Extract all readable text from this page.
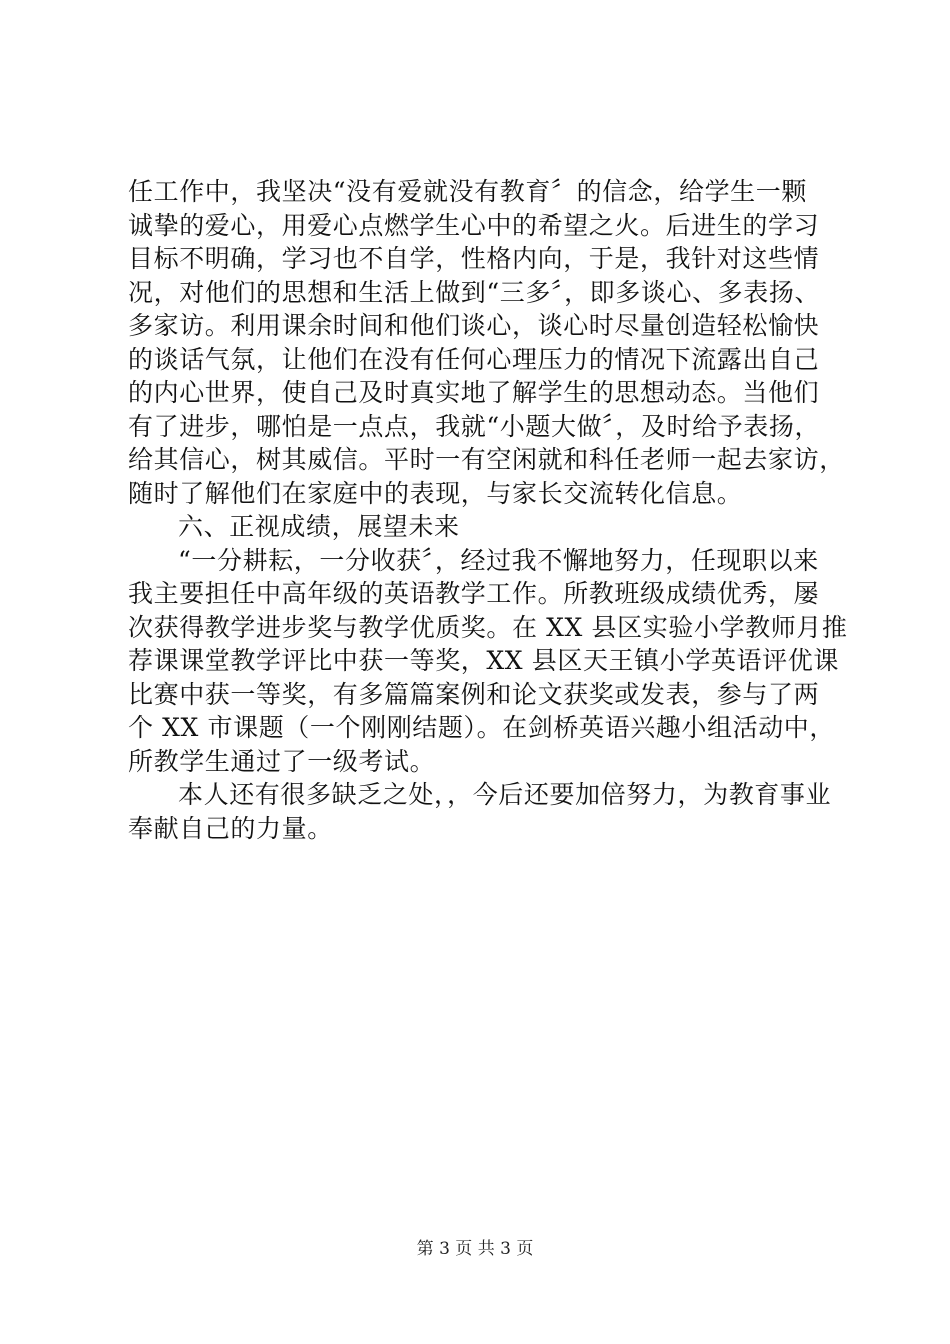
任工作中，我坚决“没有爱就没有教育〞的信念，给学生一颗
诚挚的爱心，用爱心点燃学生心中的希望之火。后进生的学习
目标不明确，学习也不自学，性格内向，于是，我针对这些情
况，对他们的思想和生活上做到“三多〞，即多谈心、多表扬、
多家访。利用课余时间和他们谈心，谈心时尽量创造轻松愉快
的谈话气氛，让他们在没有任何心理压力的情况下流露出自己
的内心世界，使自己及时真实地了解学生的思想动态。当他们
有了进步，哪怕是一点点，我就“小题大做〞，及时给予表扬，
给其信心，树其威信。平时一有空闲就和科任老师一起去家访，
随时了解他们在家庭中的表现，与家长交流转化信息。
六、正视成绩，展望未来
“一分耕耘，一分收获〞，经过我不懈地努力，任现职以来
我主要担任中高年级的英语教学工作。所教班级成绩优秀，屡
次获得教学进步奖与教学优质奖。在 XX 县区实验小学教师月推
荐课课堂教学评比中获一等奖，XX 县区天王镇小学英语评优课
比赛中获一等奖，有多篇篇案例和论文获奖或发表，参与了两
个 XX 市课题（一个刚刚结题）。在剑桥英语兴趣小组活动中，
所教学生通过了一级考试。
本人还有很多缺乏之处，，今后还要加倍努力，为教育事业
奉献自己的力量。
第 3 页 共 3 页
